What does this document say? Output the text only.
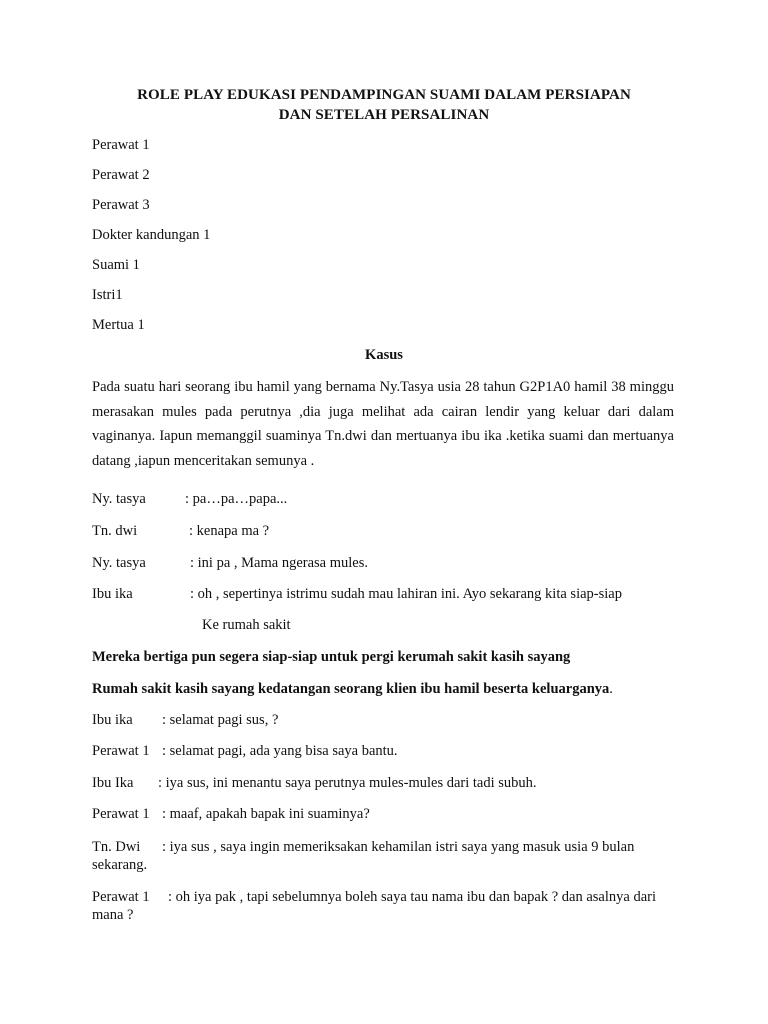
ROLE PLAY EDUKASI PENDAMPINGAN SUAMI DALAM PERSIAPAN
DAN SETELAH PERSALINAN
Perawat 1
Perawat 2
Perawat 3
Dokter kandungan 1
Suami 1
Istri1
Mertua 1
Kasus
Pada suatu hari seorang ibu hamil yang bernama Ny.Tasya usia 28 tahun G2P1A0 hamil 38 minggu merasakan mules pada perutnya ,dia juga melihat ada cairan lendir yang keluar dari dalam vaginanya. Iapun memanggil suaminya Tn.dwi dan mertuanya ibu ika .ketika suami dan mertuanya datang ,iapun menceritakan semunya .
Ny. tasya	: pa…pa…papa...
Tn. dwi	: kenapa ma ?
Ny. tasya	: ini pa , Mama ngerasa mules.
Ibu ika	: oh , sepertinya istrimu sudah mau lahiran ini. Ayo sekarang kita siap-siap
Ke rumah sakit
Mereka bertiga pun segera siap-siap untuk pergi kerumah sakit kasih sayang
Rumah sakit kasih sayang kedatangan seorang klien ibu hamil beserta keluarganya.
Ibu ika : selamat pagi sus, ?
Perawat 1 : selamat pagi, ada yang bisa saya bantu.
Ibu Ika : iya sus, ini menantu saya perutnya mules-mules dari tadi subuh.
Perawat 1 : maaf, apakah bapak ini suaminya?
Tn. Dwi : iya sus , saya ingin memeriksakan kehamilan istri saya yang masuk usia 9 bulan sekarang.
Perawat 1 : oh iya pak , tapi sebelumnya boleh saya tau nama ibu dan bapak ? dan asalnya dari mana ?
